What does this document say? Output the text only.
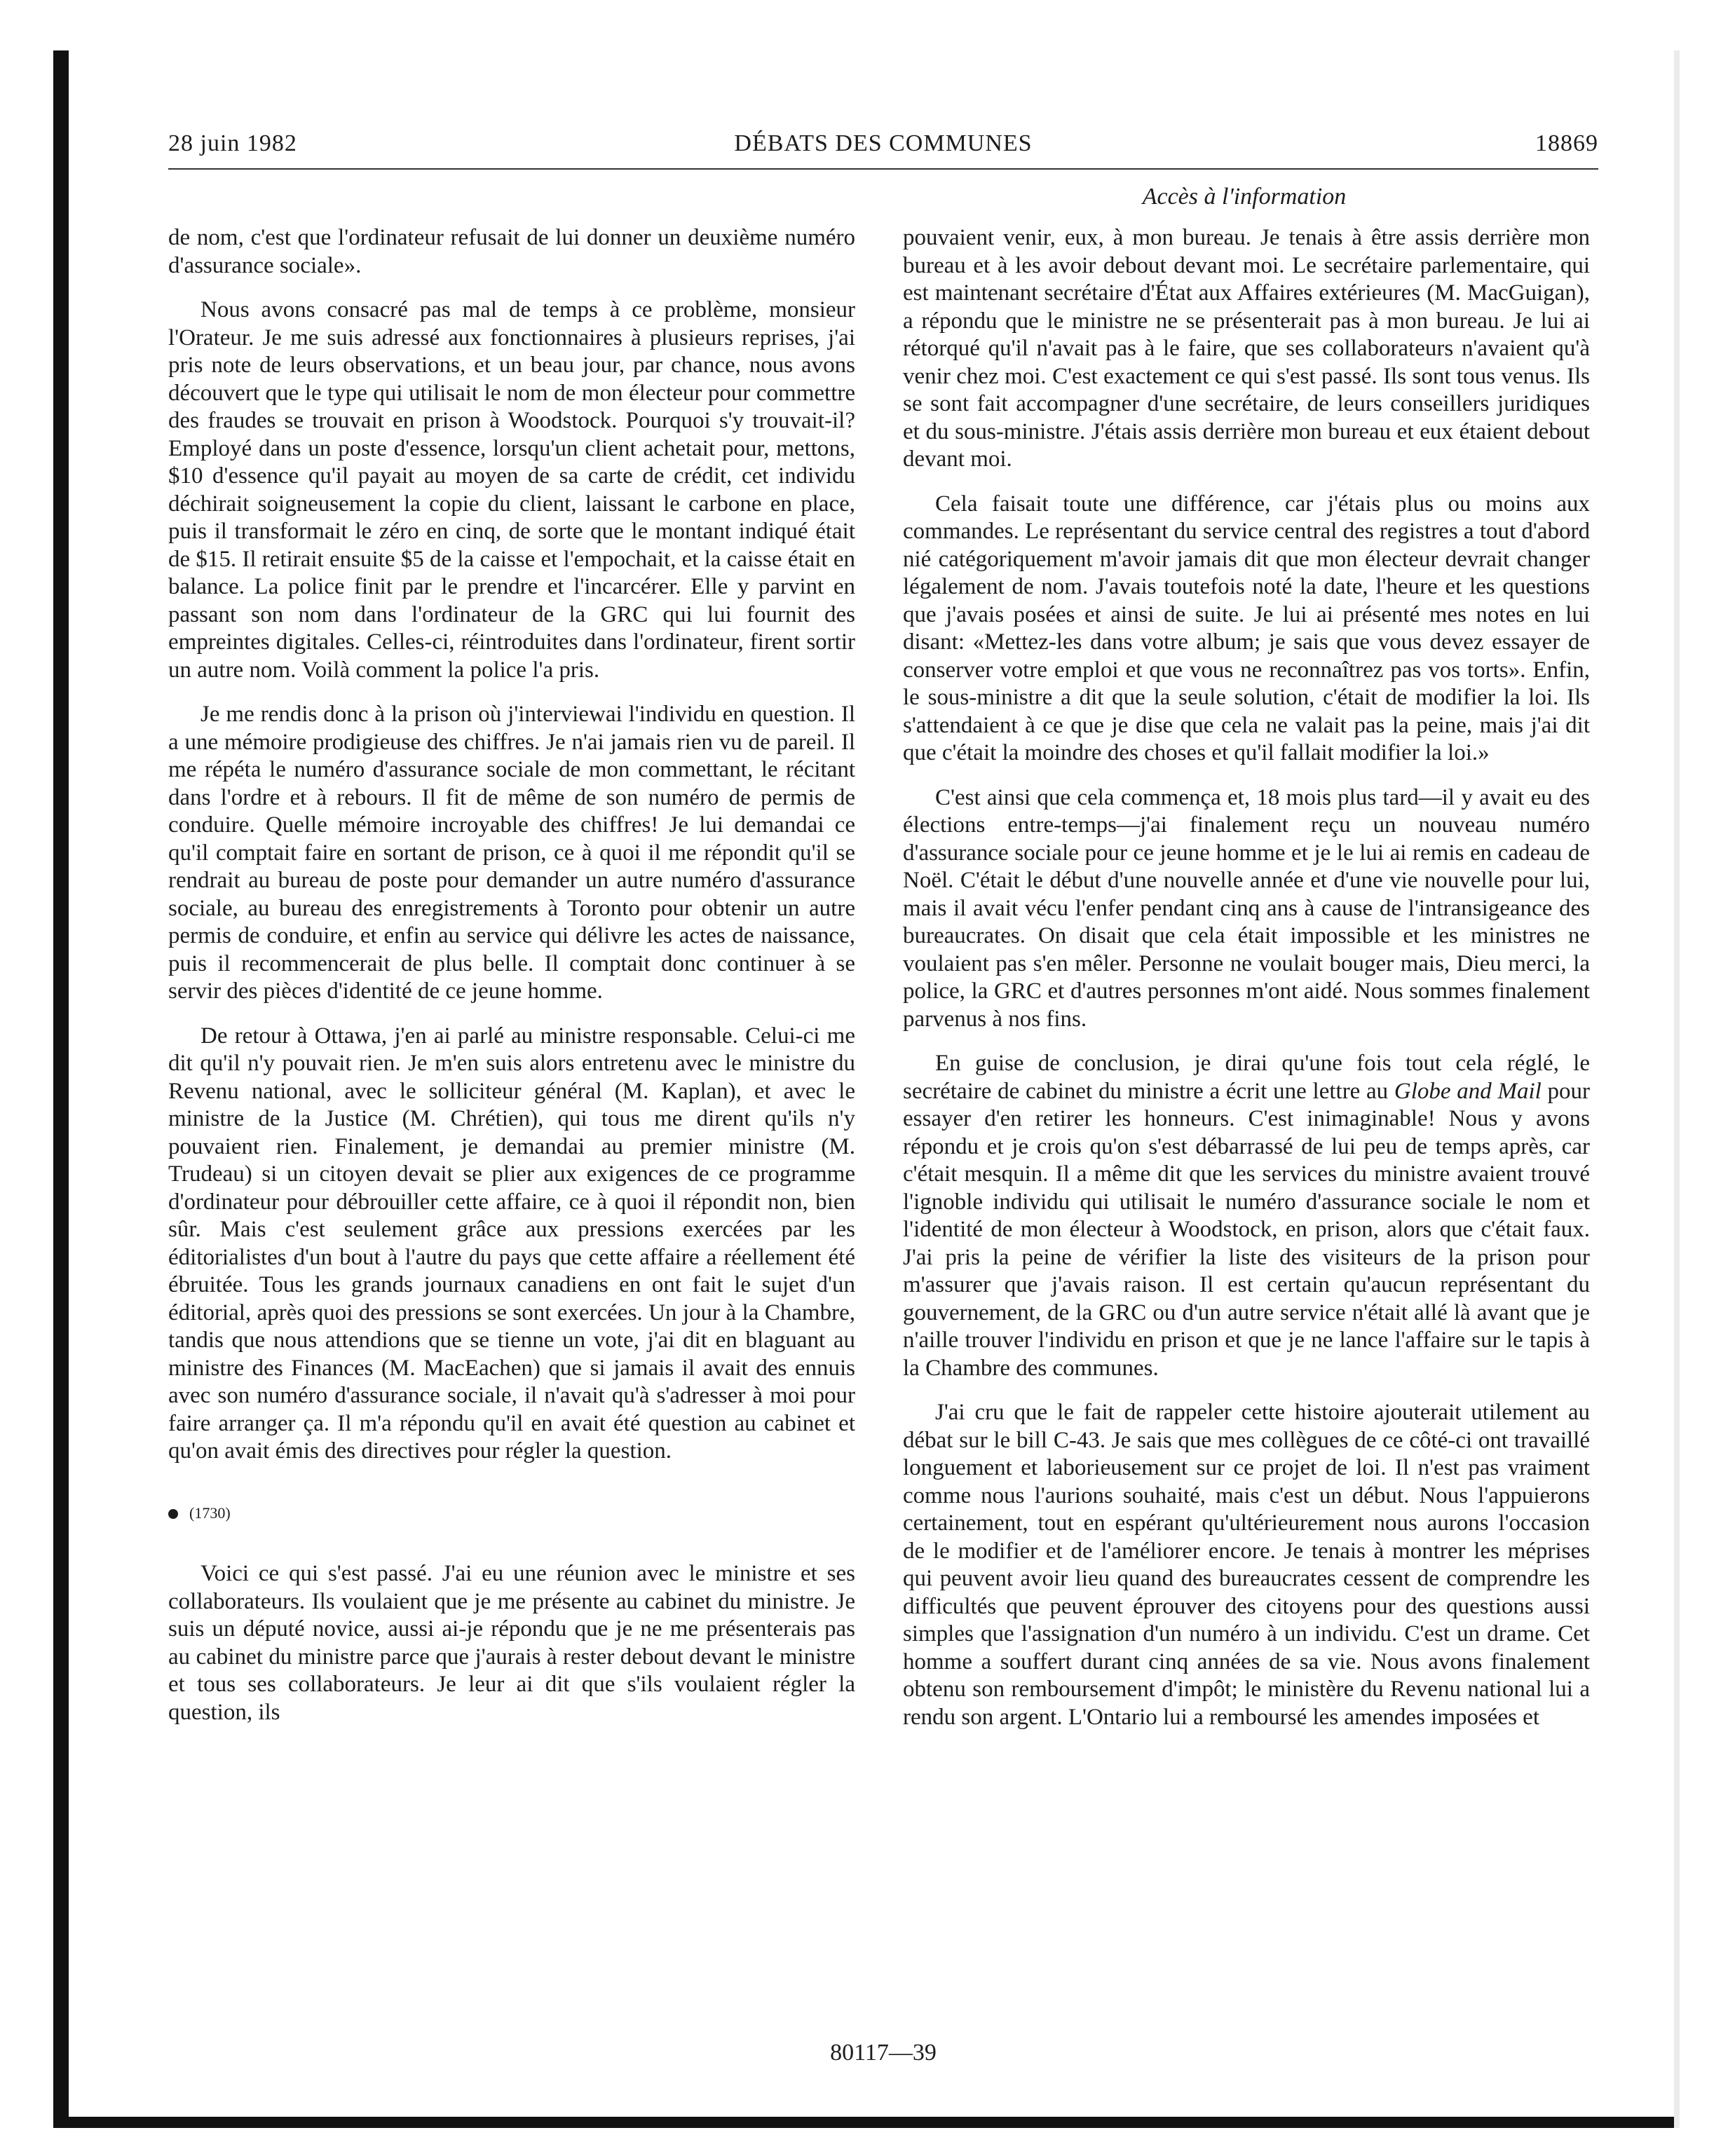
28 juin 1982	DÉBATS DES COMMUNES	18869
Accès à l'information

de nom, c'est que l'ordinateur refusait de lui donner un deuxième numéro d'assurance sociale».

Nous avons consacré pas mal de temps à ce problème, monsieur l'Orateur. Je me suis adressé aux fonctionnaires à plusieurs reprises, j'ai pris note de leurs observations, et un beau jour, par chance, nous avons découvert que le type qui utilisait le nom de mon électeur pour commettre des fraudes se trouvait en prison à Woodstock. Pourquoi s'y trouvait-il? Employé dans un poste d'essence, lorsqu'un client achetait pour, mettons, $10 d'essence qu'il payait au moyen de sa carte de crédit, cet individu déchirait soigneusement la copie du client, laissant le carbone en place, puis il transformait le zéro en cinq, de sorte que le montant indiqué était de $15. Il retirait ensuite $5 de la caisse et l'empochait, et la caisse était en balance. La police finit par le prendre et l'incarcérer. Elle y parvint en passant son nom dans l'ordinateur de la GRC qui lui fournit des empreintes digitales. Celles-ci, réintroduites dans l'ordinateur, firent sortir un autre nom. Voilà comment la police l'a pris.

Je me rendis donc à la prison où j'interviewai l'individu en question. Il a une mémoire prodigieuse des chiffres. Je n'ai jamais rien vu de pareil. Il me répéta le numéro d'assurance sociale de mon commettant, le récitant dans l'ordre et à rebours. Il fit de même de son numéro de permis de conduire. Quelle mémoire incroyable des chiffres! Je lui demandai ce qu'il comptait faire en sortant de prison, ce à quoi il me répondit qu'il se rendrait au bureau de poste pour demander un autre numéro d'assurance sociale, au bureau des enregistrements à Toronto pour obtenir un autre permis de conduire, et enfin au service qui délivre les actes de naissance, puis il recommencerait de plus belle. Il comptait donc continuer à se servir des pièces d'identité de ce jeune homme.

De retour à Ottawa, j'en ai parlé au ministre responsable. Celui-ci me dit qu'il n'y pouvait rien. Je m'en suis alors entretenu avec le ministre du Revenu national, avec le solliciteur général (M. Kaplan), et avec le ministre de la Justice (M. Chrétien), qui tous me dirent qu'ils n'y pouvaient rien. Finalement, je demandai au premier ministre (M. Trudeau) si un citoyen devait se plier aux exigences de ce programme d'ordinateur pour débrouiller cette affaire, ce à quoi il répondit non, bien sûr. Mais c'est seulement grâce aux pressions exercées par les éditorialistes d'un bout à l'autre du pays que cette affaire a réellement été ébruitée. Tous les grands journaux canadiens en ont fait le sujet d'un éditorial, après quoi des pressions se sont exercées. Un jour à la Chambre, tandis que nous attendions que se tienne un vote, j'ai dit en blaguant au ministre des Finances (M. MacEachen) que si jamais il avait des ennuis avec son numéro d'assurance sociale, il n'avait qu'à s'adresser à moi pour faire arranger ça. Il m'a répondu qu'il en avait été question au cabinet et qu'on avait émis des directives pour régler la question.

(1730)

Voici ce qui s'est passé. J'ai eu une réunion avec le ministre et ses collaborateurs. Ils voulaient que je me présente au cabinet du ministre. Je suis un député novice, aussi ai-je répondu que je ne me présenterais pas au cabinet du ministre parce que j'aurais à rester debout devant le ministre et tous ses collaborateurs. Je leur ai dit que s'ils voulaient régler la question, ils

pouvaient venir, eux, à mon bureau. Je tenais à être assis derrière mon bureau et à les avoir debout devant moi. Le secrétaire parlementaire, qui est maintenant secrétaire d'État aux Affaires extérieures (M. MacGuigan), a répondu que le ministre ne se présenterait pas à mon bureau. Je lui ai rétorqué qu'il n'avait pas à le faire, que ses collaborateurs n'avaient qu'à venir chez moi. C'est exactement ce qui s'est passé. Ils sont tous venus. Ils se sont fait accompagner d'une secrétaire, de leurs conseillers juridiques et du sous-ministre. J'étais assis derrière mon bureau et eux étaient debout devant moi.

Cela faisait toute une différence, car j'étais plus ou moins aux commandes. Le représentant du service central des registres a tout d'abord nié catégoriquement m'avoir jamais dit que mon électeur devrait changer légalement de nom. J'avais toutefois noté la date, l'heure et les questions que j'avais posées et ainsi de suite. Je lui ai présenté mes notes en lui disant: «Mettez-les dans votre album; je sais que vous devez essayer de conserver votre emploi et que vous ne reconnaîtrez pas vos torts». Enfin, le sous-ministre a dit que la seule solution, c'était de modifier la loi. Ils s'attendaient à ce que je dise que cela ne valait pas la peine, mais j'ai dit que c'était la moindre des choses et qu'il fallait modifier la loi.»

C'est ainsi que cela commença et, 18 mois plus tard—il y avait eu des élections entre-temps—j'ai finalement reçu un nouveau numéro d'assurance sociale pour ce jeune homme et je le lui ai remis en cadeau de Noël. C'était le début d'une nouvelle année et d'une vie nouvelle pour lui, mais il avait vécu l'enfer pendant cinq ans à cause de l'intransigeance des bureaucrates. On disait que cela était impossible et les ministres ne voulaient pas s'en mêler. Personne ne voulait bouger mais, Dieu merci, la police, la GRC et d'autres personnes m'ont aidé. Nous sommes finalement parvenus à nos fins.

En guise de conclusion, je dirai qu'une fois tout cela réglé, le secrétaire de cabinet du ministre a écrit une lettre au Globe and Mail pour essayer d'en retirer les honneurs. C'est inimaginable! Nous y avons répondu et je crois qu'on s'est débarrassé de lui peu de temps après, car c'était mesquin. Il a même dit que les services du ministre avaient trouvé l'ignoble individu qui utilisait le numéro d'assurance sociale le nom et l'identité de mon électeur à Woodstock, en prison, alors que c'était faux. J'ai pris la peine de vérifier la liste des visiteurs de la prison pour m'assurer que j'avais raison. Il est certain qu'aucun représentant du gouvernement, de la GRC ou d'un autre service n'était allé là avant que je n'aille trouver l'individu en prison et que je ne lance l'affaire sur le tapis à la Chambre des communes.

J'ai cru que le fait de rappeler cette histoire ajouterait utilement au débat sur le bill C-43. Je sais que mes collègues de ce côté-ci ont travaillé longuement et laborieusement sur ce projet de loi. Il n'est pas vraiment comme nous l'aurions souhaité, mais c'est un début. Nous l'appuierons certainement, tout en espérant qu'ultérieurement nous aurons l'occasion de le modifier et de l'améliorer encore. Je tenais à montrer les méprises qui peuvent avoir lieu quand des bureaucrates cessent de comprendre les difficultés que peuvent éprouver des citoyens pour des questions aussi simples que l'assignation d'un numéro à un individu. C'est un drame. Cet homme a souffert durant cinq années de sa vie. Nous avons finalement obtenu son remboursement d'impôt; le ministère du Revenu national lui a rendu son argent. L'Ontario lui a remboursé les amendes imposées et

80117—39
